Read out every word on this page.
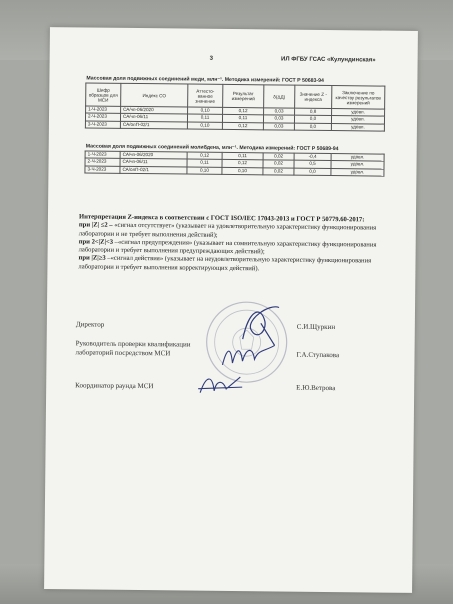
3	ИЛ ФГБУ ГСАС «Кулундинская»
Массовая доля подвижных соединений меди, млн⁻¹. Методика измерений: ГОСТ Р 50683-94
Шифр образцов для МСИ	Индекс СО	Аттесто-ванное значение	Результат измерений	δ(ΔД)	Значение Z - индекса	Заключение по качеству результатов измерений
1-Ч-2023	СА/чп-06/2020	0,10	0,12	0,03	0,8	удовл.
2-Ч-2023	СА/чп-06/11	0,11	0,11	0,03	0,0	удовл.
3-Ч-2023	СА/олП-02/1	0,10	0,12	0,03	0,0	удовл.
Массовая доля подвижных соединений молибдена, млн⁻¹. Методика измерений: ГОСТ Р 50689-94
1-Ч-2023	СА/чп-06/2020	0,12	0,11	0,02	-0,4	удовл.
2-Ч-2023	СА/чп-06/11	0,11	0,12	0,02	0,5	удовл.
3-Ч-2023	СА/олП-02/1	0,10	0,10	0,02	0,0	удовл.
Интерпретация Z-индекса в соответствии с ГОСТ ISO/IEC 17043-2013 и ГОСТ Р 50779.60-2017:
при |Z| ≤2 – «сигнал отсутствует» (указывает на удовлетворительную характеристику функционирования лаборатории и не требует выполнения действий);
при 2<|Z|<3 –«сигнал предупреждения» (указывает на сомнительную характеристику функционирования лаборатории и требует выполнения предупреждающих действий);
при |Z|≥3 –«сигнал действия» (указывает на неудовлетворительную характеристику функционирования лаборатории и требует выполнения корректирующих действий).
Директор	С.И.Щуркин
Руководитель проверки квалификации
лабораторий посредством МСИ	Г.А.Ступакова
Координатор раунда МСИ	Е.Ю.Ветрова
